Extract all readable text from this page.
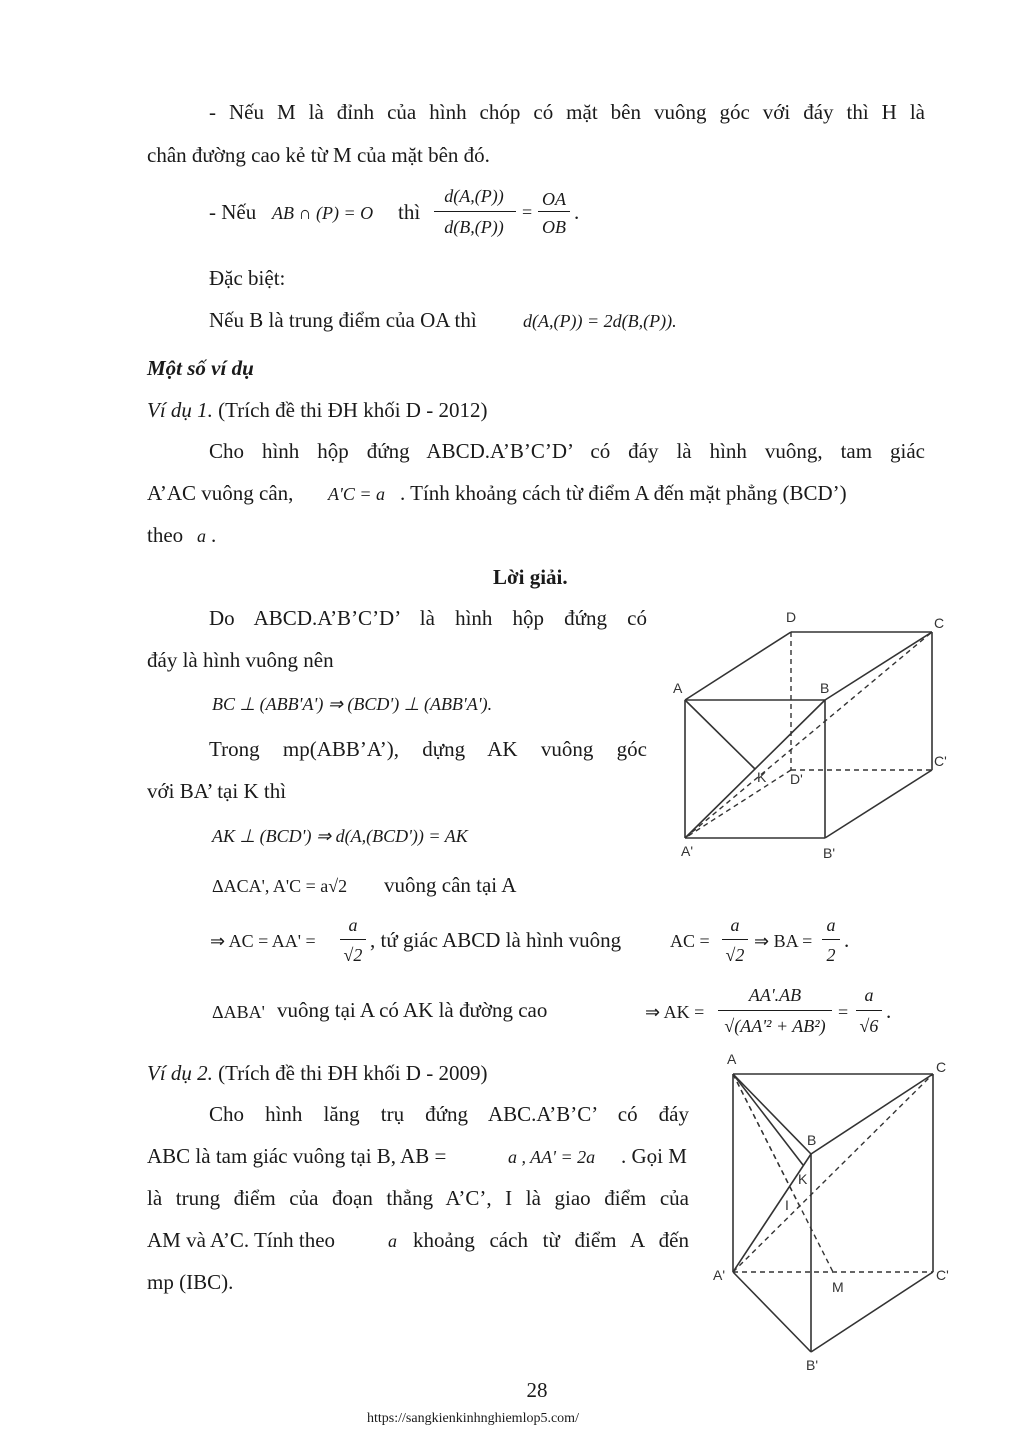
- Nếu M là đỉnh của hình chóp có mặt bên vuông góc với đáy thì H là
chân đường cao kẻ từ M của mặt bên đó.
- Nếu AB ∩ (P) = O thì
d(A,(P))
d(B,(P))
=
OA
OB
.
Đặc biệt:
Nếu B là trung điểm của OA thì	d(A,(P)) = 2d(B,(P)).
Một số ví dụ
Ví dụ 1. (Trích đề thi ĐH khối D - 2012)
Cho hình hộp đứng ABCD.A’B’C’D’ có đáy là hình vuông, tam giác
A’AC vuông cân, A'C = a . Tính khoảng cách từ điểm A đến mặt phẳng (BCD’)
theo a .
Lời giải.
Do ABCD.A’B’C’D’ là hình hộp đứng có
đáy là hình vuông nên
BC ⊥ (ABB'A') ⇒ (BCD') ⊥ (ABB'A').
Trong mp(ABB’A’), dựng AK vuông góc
với BA’ tại K thì
AK ⊥ (BCD') ⇒ d(A,(BCD')) = AK
ΔACA', A'C = a√2 vuông cân tại A
⇒ AC = AA' =
a
√2
, tứ giác ABCD là hình vuông	AC =
a
√2
⇒ BA =
a
2
.
ΔABA' vuông tại A có AK là đường cao	⇒ AK =
AA'.AB
√(AA'² + AB²)
=
a
√6
.
Ví dụ 2. (Trích đề thi ĐH khối D - 2009)
Cho hình lăng trụ đứng ABC.A’B’C’ có đáy
ABC là tam giác vuông tại B, AB =	a , AA' = 2a . Gọi M
là trung điểm của đoạn thẳng A’C’, I là giao điểm của
AM và A’C. Tính theo	a khoảng cách từ điểm A đến
mp (IBC).
D	C
A	B
K D'
C'
A'	B'
A	C
B
K
I
A'	C'
M
B'
28
https://sangkienkinhnghiemlop5.com/
